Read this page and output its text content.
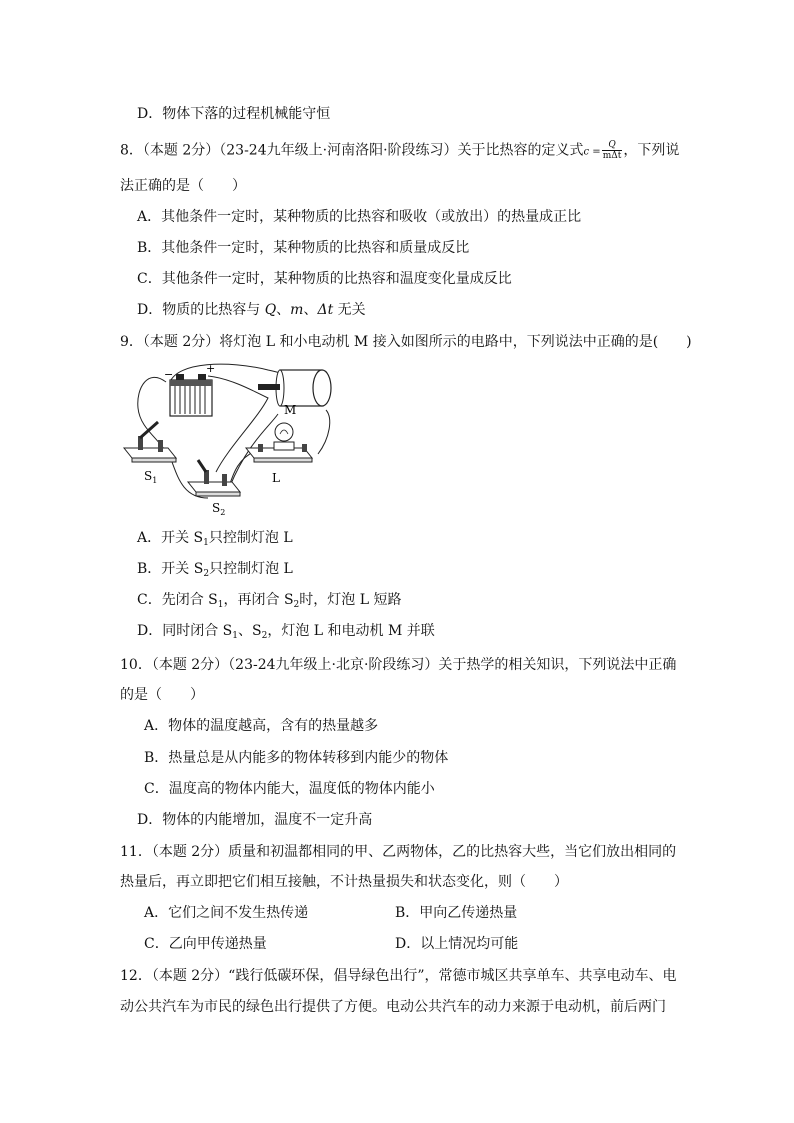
D．物体下落的过程机械能守恒
8．（本题 2分）（23-24九年级上·河南洛阳·阶段练习）关于比热容的定义式$c = \frac{Q}{\text{mΔt}}$ ，下列说
法正确的是（　　）
A．其他条件一定时，某种物质的比热容和吸收（或放出）的热量成正比
B．其他条件一定时，某种物质的比热容和质量成反比
C．其他条件一定时，某种物质的比热容和温度变化量成反比
D．物质的比热容与 Q、m、Δt 无关
9．（本题 2分）将灯泡 L 和小电动机 M 接入如图所示的电路中，下列说法中正确的是(　　)
−	+
M
$S_1$
$S_2$
L
A．开关 $S_1$只控制灯泡 L
B．开关 $S_2$只控制灯泡 L
C．先闭合 $S_1$，再闭合 $S_2$时，灯泡 L 短路
D．同时闭合 $S_1$、$S_2$，灯泡 L 和电动机 M 并联
10．（本题 2分）（23-24九年级上·北京·阶段练习）关于热学的相关知识，下列说法中正确
的是（　　）
A．物体的温度越高，含有的热量越多
B．热量总是从内能多的物体转移到内能少的物体
C．温度高的物体内能大，温度低的物体内能小
D．物体的内能增加，温度不一定升高
11．（本题 2分）质量和初温都相同的甲、乙两物体，乙的比热容大些，当它们放出相同的
热量后，再立即把它们相互接触，不计热量损失和状态变化，则（　　）
A．它们之间不发生热传递	B．甲向乙传递热量
C．乙向甲传递热量	D．以上情况均可能
12．（本题 2分）“践行低碳环保，倡导绿色出行”，常德市城区共享单车、共享电动车、电
动公共汽车为市民的绿色出行提供了方便。电动公共汽车的动力来源于电动机，前后两门
